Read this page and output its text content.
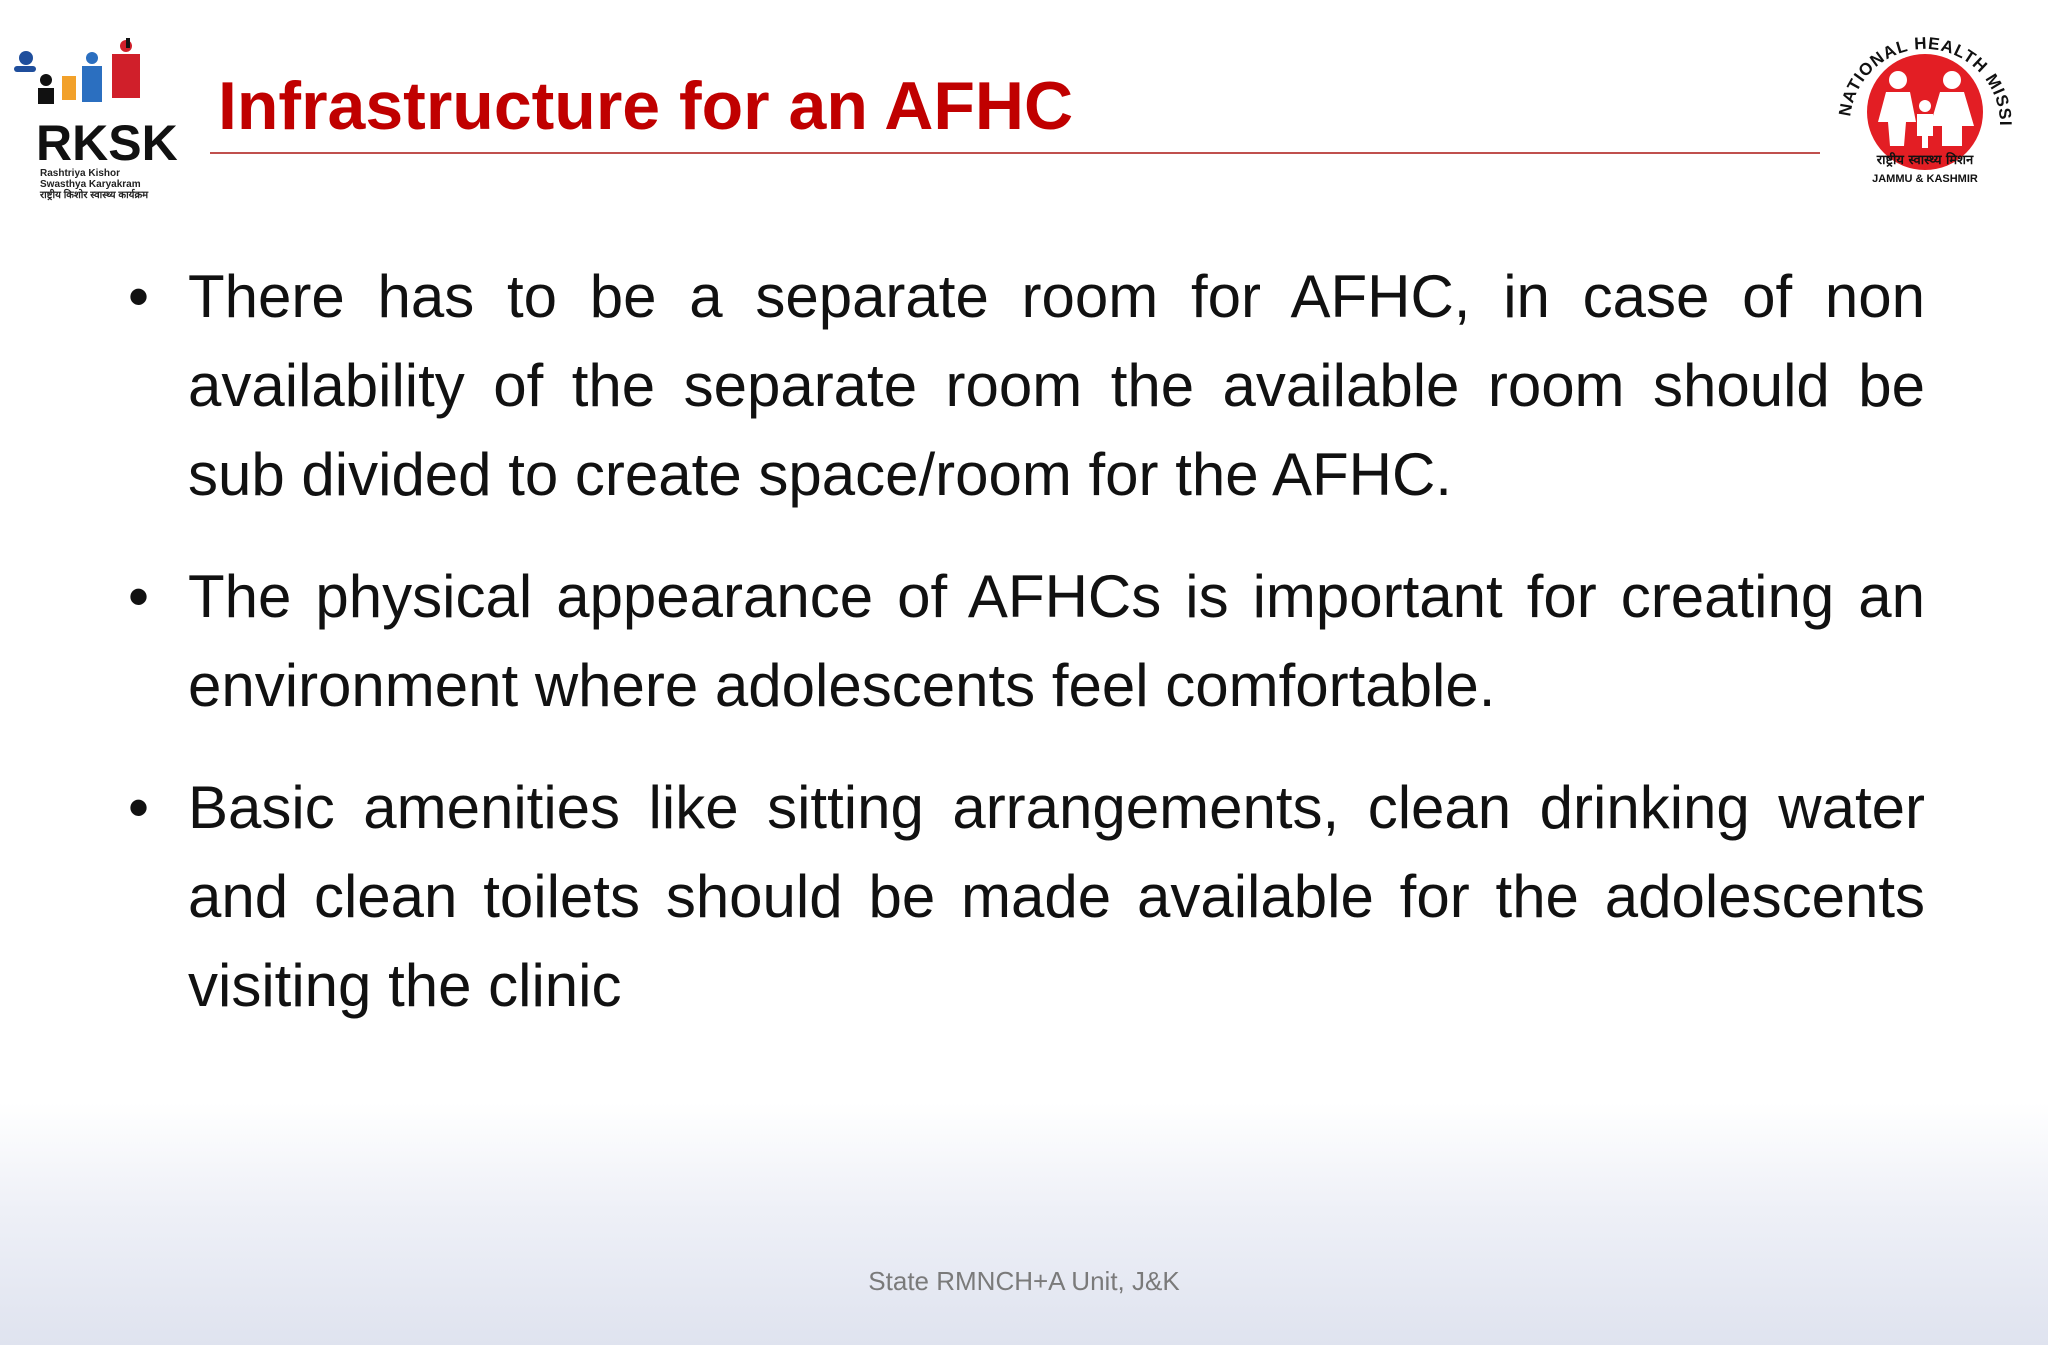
RKSK
Rashtriya Kishor
Swasthya Karyakram
राष्ट्रीय किशोर स्वास्थ्य कार्यक्रम
Infrastructure for an AFHC	NATIONAL HEALTH MISSI
राष्ट्रीय स्वास्थ्य मिशन
JAMMU & KASHMIR
• There has to be a separate room for AFHC, in case of non availability of the separate room the available room should be sub divided to create space/room for the AFHC.
• The physical appearance of AFHCs is important for creating an environment where adolescents feel comfortable.
• Basic amenities like sitting arrangements, clean drinking water and clean toilets should be made available for the adolescents visiting the clinic
State RMNCH+A Unit, J&K
